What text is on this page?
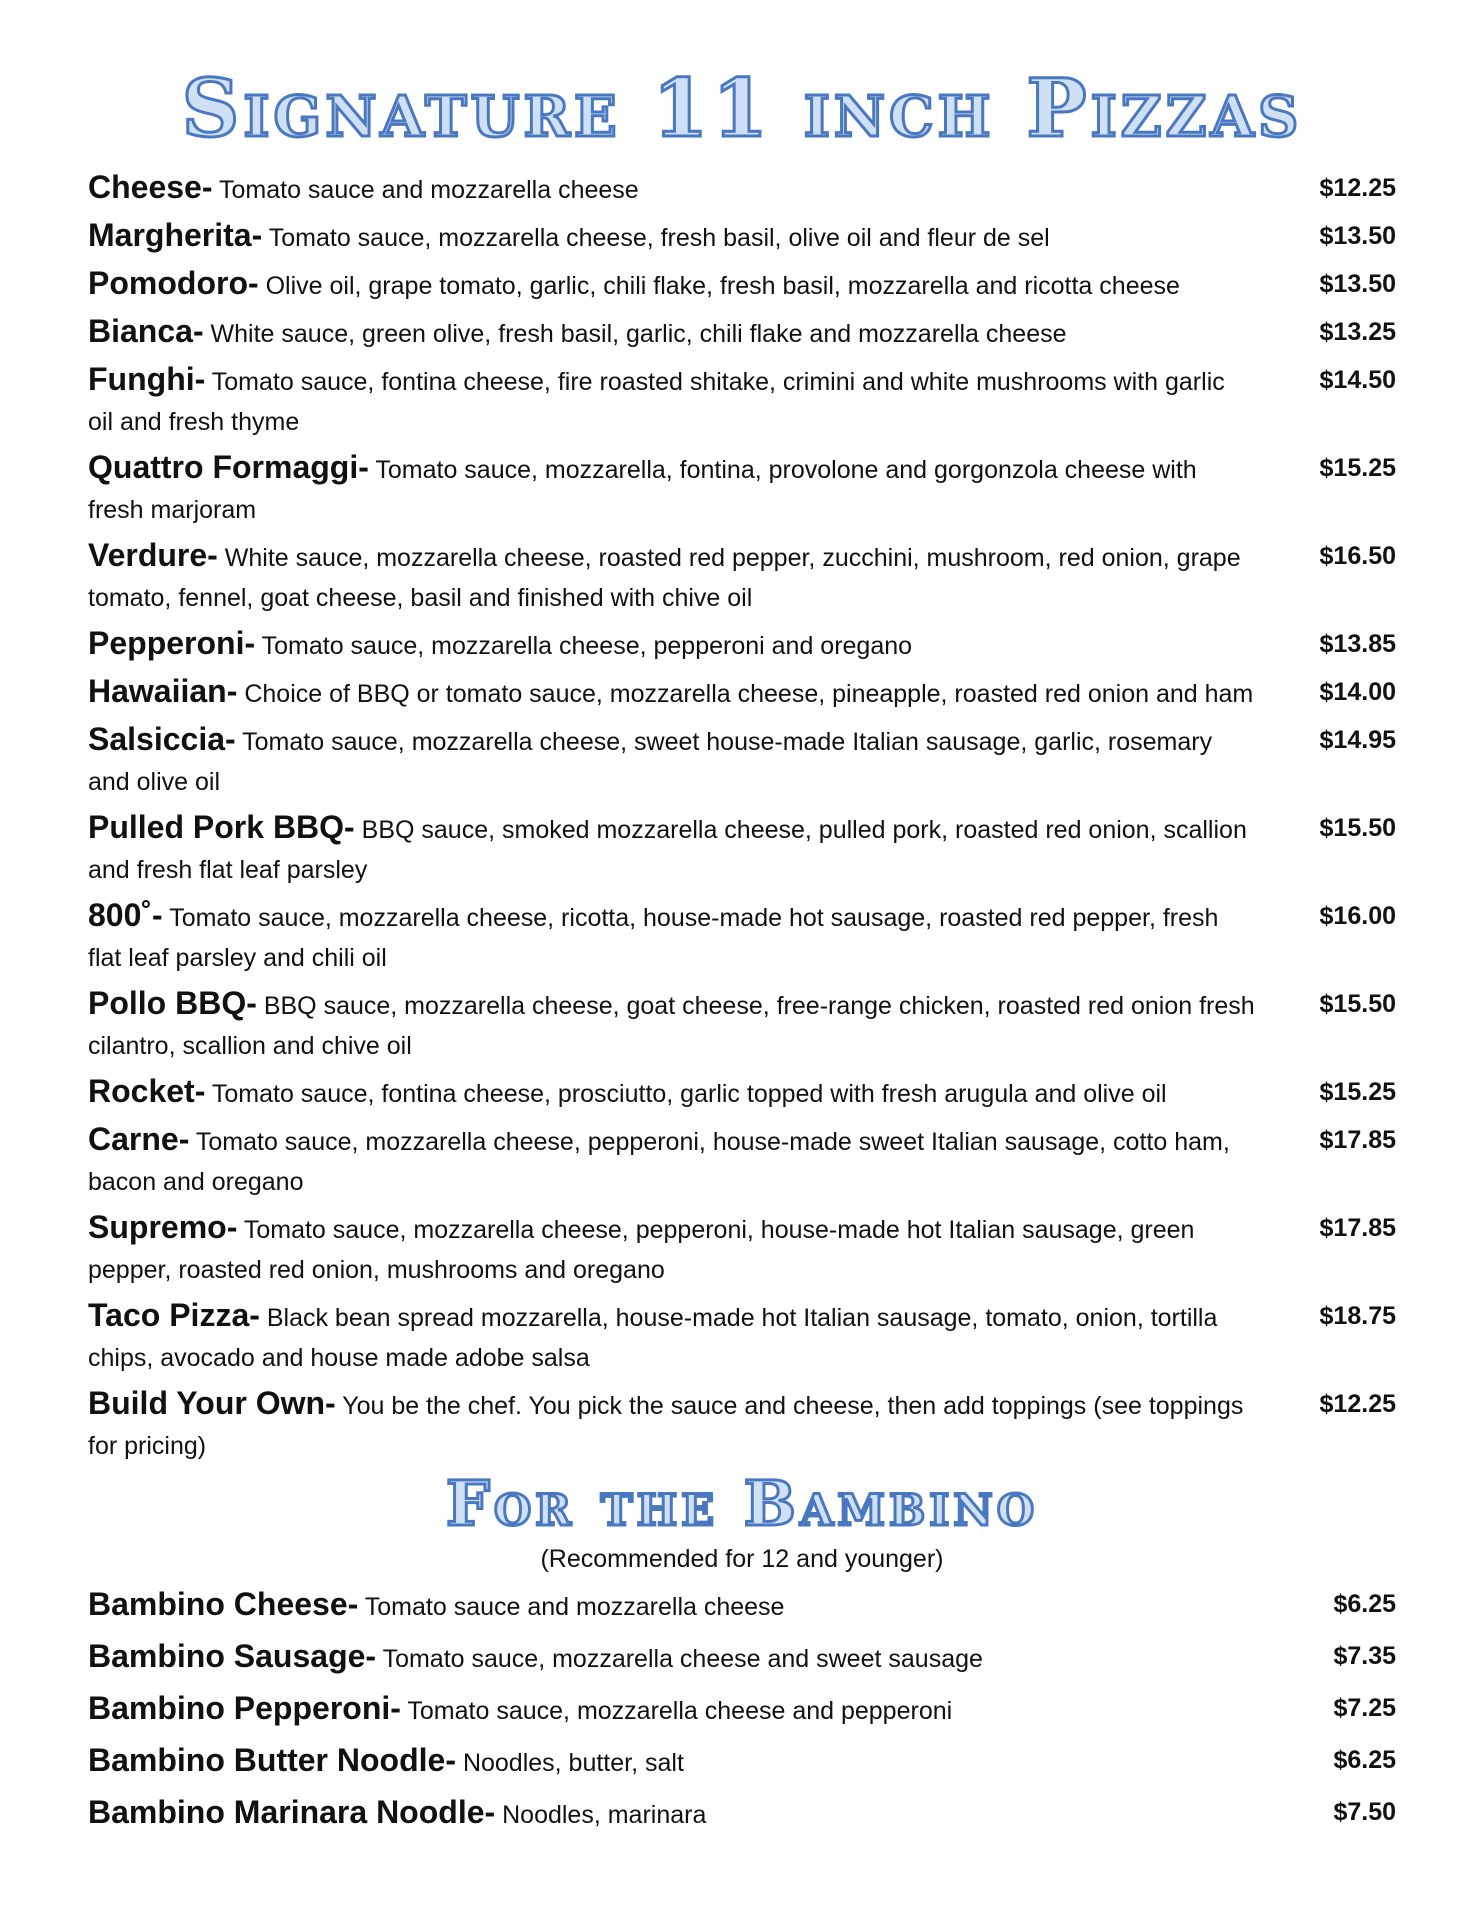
Signature 11 inch Pizzas
Cheese- Tomato sauce and mozzarella cheese	$12.25
Margherita- Tomato sauce, mozzarella cheese, fresh basil, olive oil and fleur de sel	$13.50
Pomodoro- Olive oil, grape tomato, garlic, chili flake, fresh basil, mozzarella and ricotta cheese	$13.50
Bianca- White sauce, green olive, fresh basil, garlic, chili flake and mozzarella cheese	$13.25
Funghi- Tomato sauce, fontina cheese, fire roasted shitake, crimini and white mushrooms with garlic oil and fresh thyme
$14.50
Quattro Formaggi- Tomato sauce, mozzarella, fontina, provolone and gorgonzola cheese with fresh marjoram
$15.25
Verdure- White sauce, mozzarella cheese, roasted red pepper, zucchini, mushroom, red onion, grape tomato, fennel, goat cheese, basil and finished with chive oil
$16.50
Pepperoni- Tomato sauce, mozzarella cheese, pepperoni and oregano	$13.85
Hawaiian- Choice of BBQ or tomato sauce, mozzarella cheese, pineapple, roasted red onion and ham	$14.00
Salsiccia- Tomato sauce, mozzarella cheese, sweet house-made Italian sausage, garlic, rosemary and olive oil
$14.95
Pulled Pork BBQ- BBQ sauce, smoked mozzarella cheese, pulled pork, roasted red onion, scallion and fresh flat leaf parsley
$15.50
800˚- Tomato sauce, mozzarella cheese, ricotta, house-made hot sausage, roasted red pepper, fresh flat leaf parsley and chili oil
$16.00
Pollo BBQ- BBQ sauce, mozzarella cheese, goat cheese, free-range chicken, roasted red onion fresh cilantro, scallion and chive oil
$15.50
Rocket- Tomato sauce, fontina cheese, prosciutto, garlic topped with fresh arugula and olive oil	$15.25
Carne- Tomato sauce, mozzarella cheese, pepperoni, house-made sweet Italian sausage, cotto ham, bacon and oregano
$17.85
Supremo- Tomato sauce, mozzarella cheese, pepperoni, house-made hot Italian sausage, green pepper, roasted red onion, mushrooms and oregano
$17.85
Taco Pizza- Black bean spread mozzarella, house-made hot Italian sausage, tomato, onion, tortilla chips, avocado and house made adobe salsa
$18.75
Build Your Own- You be the chef. You pick the sauce and cheese, then add toppings (see toppings for pricing)
$12.25
For the Bambino
(Recommended for 12 and younger)
Bambino Cheese- Tomato sauce and mozzarella cheese	$6.25
Bambino Sausage- Tomato sauce, mozzarella cheese and sweet sausage	$7.35
Bambino Pepperoni- Tomato sauce, mozzarella cheese and pepperoni	$7.25
Bambino Butter Noodle- Noodles, butter, salt	$6.25
Bambino Marinara Noodle- Noodles, marinara	$7.50
